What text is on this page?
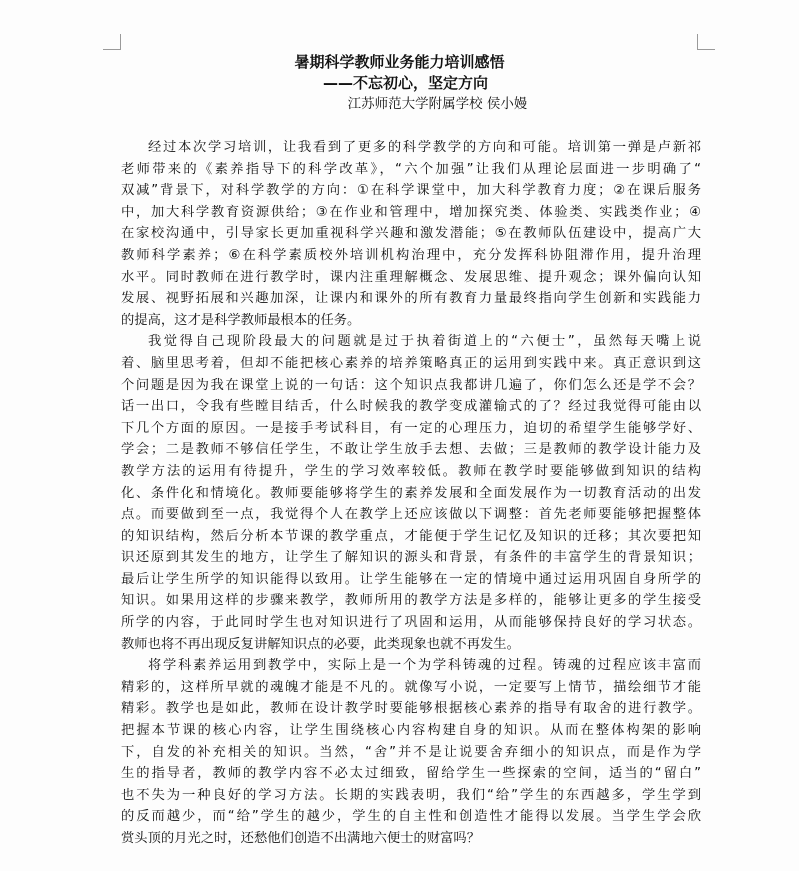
暑期科学教师业务能力培训感悟
——不忘初心，坚定方向
江苏师范大学附属学校 侯小嫚
经过本次学习培训，让我看到了更多的科学教学的方向和可能。培训第一弹是卢新祁
老师带来的《素养指导下的科学改革》，“六个加强”让我们从理论层面进一步明确了“
双减”背景下，对科学教学的方向：①在科学课堂中，加大科学教育力度；②在课后服务
中，加大科学教育资源供给；③在作业和管理中，增加探究类、体验类、实践类作业；④
在家校沟通中，引导家长更加重视科学兴趣和激发潜能；⑤在教师队伍建设中，提高广大
教师科学素养；⑥在科学素质校外培训机构治理中，充分发挥科协阻滞作用，提升治理
水平。同时教师在进行教学时，课内注重理解概念、发展思维、提升观念；课外偏向认知
发展、视野拓展和兴趣加深，让课内和课外的所有教育力量最终指向学生创新和实践能力
的提高，这才是科学教师最根本的任务。
我觉得自己现阶段最大的问题就是过于执着街道上的“六便士”，虽然每天嘴上说
着、脑里思考着，但却不能把核心素养的培养策略真正的运用到实践中来。真正意识到这
个问题是因为我在课堂上说的一句话：这个知识点我都讲几遍了，你们怎么还是学不会？
话一出口，令我有些瞠目结舌，什么时候我的教学变成灌输式的了？经过我觉得可能由以
下几个方面的原因。一是接手考试科目，有一定的心理压力，迫切的希望学生能够学好、
学会；二是教师不够信任学生，不敢让学生放手去想、去做；三是教师的教学设计能力及
教学方法的运用有待提升，学生的学习效率较低。教师在教学时要能够做到知识的结构
化、条件化和情境化。教师要能够将学生的素养发展和全面发展作为一切教育活动的出发
点。而要做到至一点，我觉得个人在教学上还应该做以下调整：首先老师要能够把握整体
的知识结构，然后分析本节课的教学重点，才能便于学生记忆及知识的迁移；其次要把知
识还原到其发生的地方，让学生了解知识的源头和背景，有条件的丰富学生的背景知识；
最后让学生所学的知识能得以致用。让学生能够在一定的情境中通过运用巩固自身所学的
知识。如果用这样的步骤来教学，教师所用的教学方法是多样的，能够让更多的学生接受
所学的内容，于此同时学生也对知识进行了巩固和运用，从而能够保持良好的学习状态。
教师也将不再出现反复讲解知识点的必要，此类现象也就不再发生。
将学科素养运用到教学中，实际上是一个为学科铸魂的过程。铸魂的过程应该丰富而
精彩的，这样所早就的魂魄才能是不凡的。就像写小说，一定要写上情节，描绘细节才能
精彩。教学也是如此，教师在设计教学时要能够根据核心素养的指导有取舍的进行教学。
把握本节课的核心内容，让学生围绕核心内容构建自身的知识。从而在整体构架的影响
下，自发的补充相关的知识。当然，“舍”并不是让说要舍弃细小的知识点，而是作为学
生的指导者，教师的教学内容不必太过细致，留给学生一些探索的空间，适当的“留白”
也不失为一种良好的学习方法。长期的实践表明，我们“给”学生的东西越多，学生学到
的反而越少，而“给”学生的越少，学生的自主性和创造性才能得以发展。当学生学会欣
赏头顶的月光之时，还愁他们创造不出满地六便士的财富吗？
